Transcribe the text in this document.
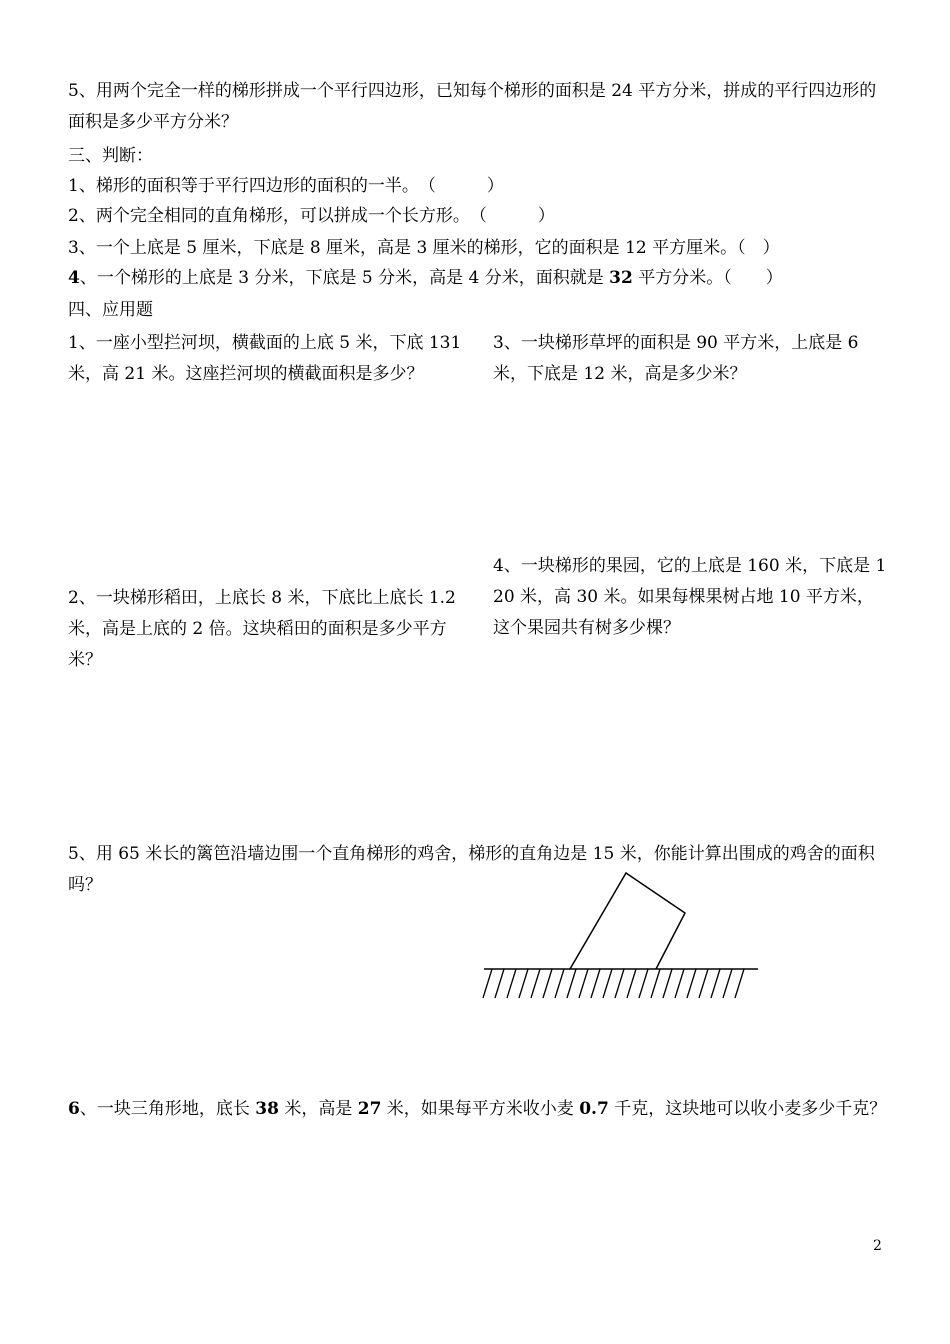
5、用两个完全一样的梯形拼成一个平行四边形，已知每个梯形的面积是 24 平方分米，拼成的平行四边形的面积是多少平方分米？
三、判断：
1、梯形的面积等于平行四边形的面积的一半。　（　　　）
2、两个完全相同的直角梯形，可以拼成一个长方形。　（　　　）
3、一个上底是 5 厘米，下底是 8 厘米，高是 3 厘米的梯形，它的面积是 12 平方厘米。（　）
4、一个梯形的上底是 3 分米，下底是 5 分米，高是 4 分米，面积就是 32 平方分米。（　　）
四、应用题
1、一座小型拦河坝，横截面的上底 5 米，下底 131 米，高 21 米。这座拦河坝的横截面积是多少？
3、一块梯形草坪的面积是 90 平方米，上底是 6 米，下底是 12 米，高是多少米？
4、一块梯形的果园，它的上底是 160 米，下底是 120 米，高 30 米。如果每棵果树占地 10 平方米，这个果园共有树多少棵？
2、一块梯形稻田，上底长 8 米，下底比上底长 1.2 米，高是上底的 2 倍。这块稻田的面积是多少平方米？
5、用 65 米长的篱笆沿墙边围一个直角梯形的鸡舍，梯形的直角边是 15 米，你能计算出围成的鸡舍的面积吗？
6、一块三角形地，底长 38 米，高是 27 米，如果每平方米收小麦 0.7 千克，这块地可以收小麦多少千克？
2
